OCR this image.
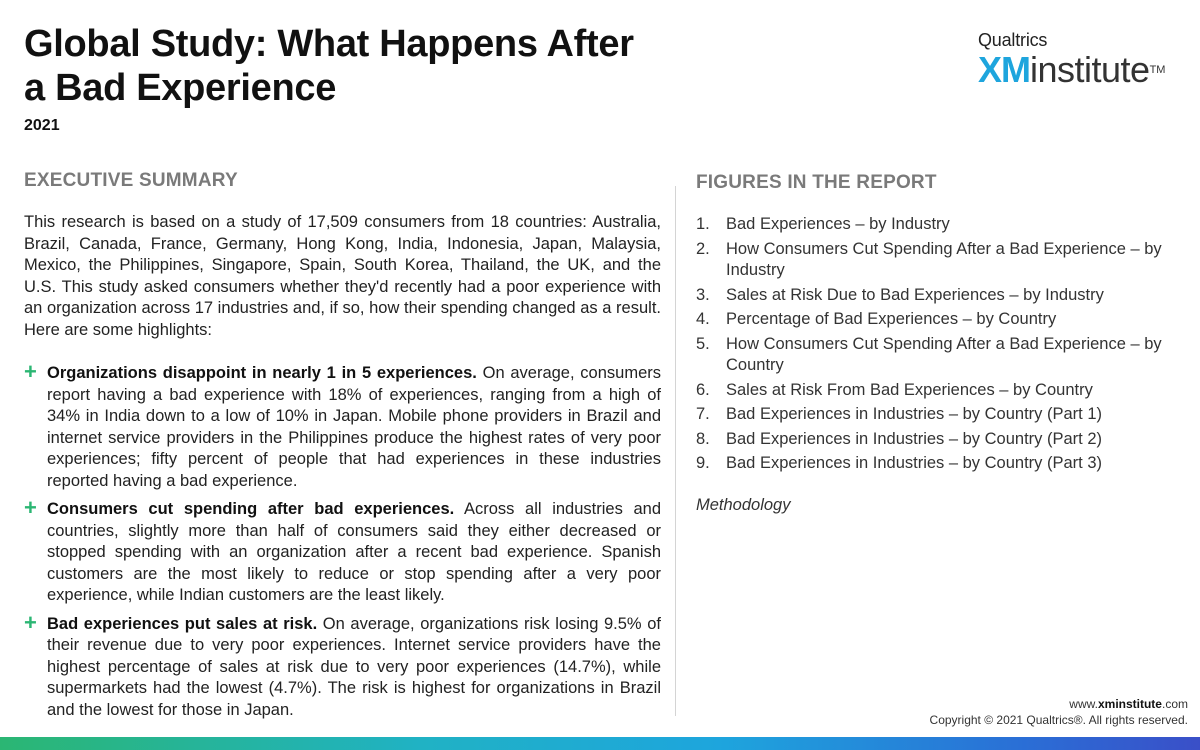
Global Study: What Happens After
a Bad Experience
2021
Qualtrics
XMinstitute™
EXECUTIVE SUMMARY

This research is based on a study of 17,509 consumers from 18 countries: Australia, Brazil, Canada, France, Germany, Hong Kong, India, Indonesia, Japan, Malaysia, Mexico, the Philippines, Singapore, Spain, South Korea, Thailand, the UK, and the U.S. This study asked consumers whether they'd recently had a poor experience with an organization across 17 industries and, if so, how their spending changed as a result. Here are some highlights:

+ Organizations disappoint in nearly 1 in 5 experiences. On average, consumers report having a bad experience with 18% of experiences, ranging from a high of 34% in India down to a low of 10% in Japan. Mobile phone providers in Brazil and internet service providers in the Philippines produce the highest rates of very poor experiences; fifty percent of people that had experiences in these industries reported having a bad experience.
+ Consumers cut spending after bad experiences. Across all industries and countries, slightly more than half of consumers said they either decreased or stopped spending with an organization after a recent bad experience. Spanish customers are the most likely to reduce or stop spending after a very poor experience, while Indian customers are the least likely.
+ Bad experiences put sales at risk. On average, organizations risk losing 9.5% of their revenue due to very poor experiences. Internet service providers have the highest percentage of sales at risk due to very poor experiences (14.7%), while supermarkets had the lowest (4.7%). The risk is highest for organizations in Brazil and the lowest for those in Japan.
FIGURES IN THE REPORT
1. Bad Experiences – by Industry
2. How Consumers Cut Spending After a Bad Experience – by Industry
3. Sales at Risk Due to Bad Experiences – by Industry
4. Percentage of Bad Experiences – by Country
5. How Consumers Cut Spending After a Bad Experience – by Country
6. Sales at Risk From Bad Experiences – by Country
7. Bad Experiences in Industries – by Country (Part 1)
8. Bad Experiences in Industries – by Country (Part 2)
9. Bad Experiences in Industries – by Country (Part 3)
Methodology
www.xminstitute.com
Copyright © 2021 Qualtrics®. All rights reserved.
